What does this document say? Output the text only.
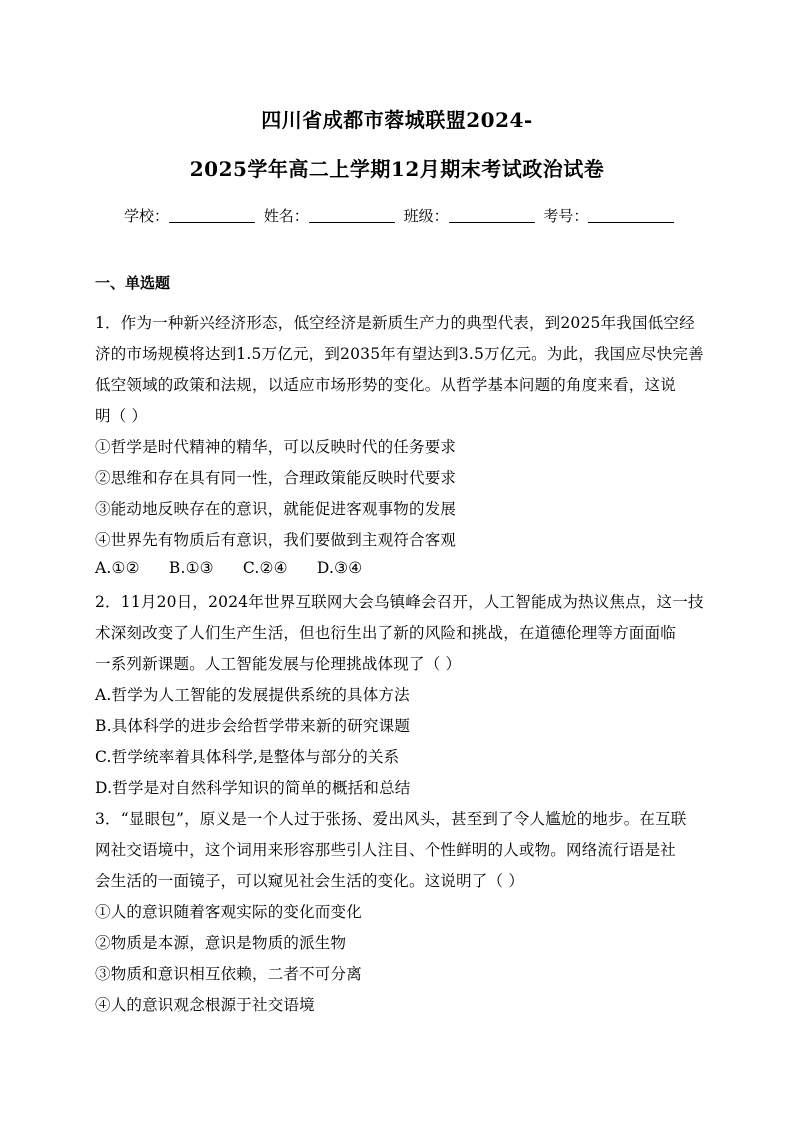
四川省成都市蓉城联盟2024-
2025学年高二上学期12月期末考试政治试卷
学校：	姓名：	班级：	考号：
一、单选题
1．作为一种新兴经济形态，低空经济是新质生产力的典型代表，到2025年我国低空经
济的市场规模将达到1.5万亿元，到2035年有望达到3.5万亿元。为此，我国应尽快完善
低空领域的政策和法规，以适应市场形势的变化。从哲学基本问题的角度来看，这说
明（ ）
①哲学是时代精神的精华，可以反映时代的任务要求
②思维和存在具有同一性，合理政策能反映时代要求
③能动地反映存在的意识，就能促进客观事物的发展
④世界先有物质后有意识，我们要做到主观符合客观
A.①② B.①③ C.②④ D.③④
2．11月20日，2024年世界互联网大会乌镇峰会召开，人工智能成为热议焦点，这一技
术深刻改变了人们生产生活，但也衍生出了新的风险和挑战，在道德伦理等方面面临
一系列新课题。人工智能发展与伦理挑战体现了（ ）
A.哲学为人工智能的发展提供系统的具体方法
B.具体科学的进步会给哲学带来新的研究课题
C.哲学统率着具体科学,是整体与部分的关系
D.哲学是对自然科学知识的简单的概括和总结
3．“显眼包”，原义是一个人过于张扬、爱出风头，甚至到了令人尴尬的地步。在互联
网社交语境中，这个词用来形容那些引人注目、个性鲜明的人或物。网络流行语是社
会生活的一面镜子，可以窥见社会生活的变化。这说明了（ ）
①人的意识随着客观实际的变化而变化
②物质是本源，意识是物质的派生物
③物质和意识相互依赖，二者不可分离
④人的意识观念根源于社交语境
